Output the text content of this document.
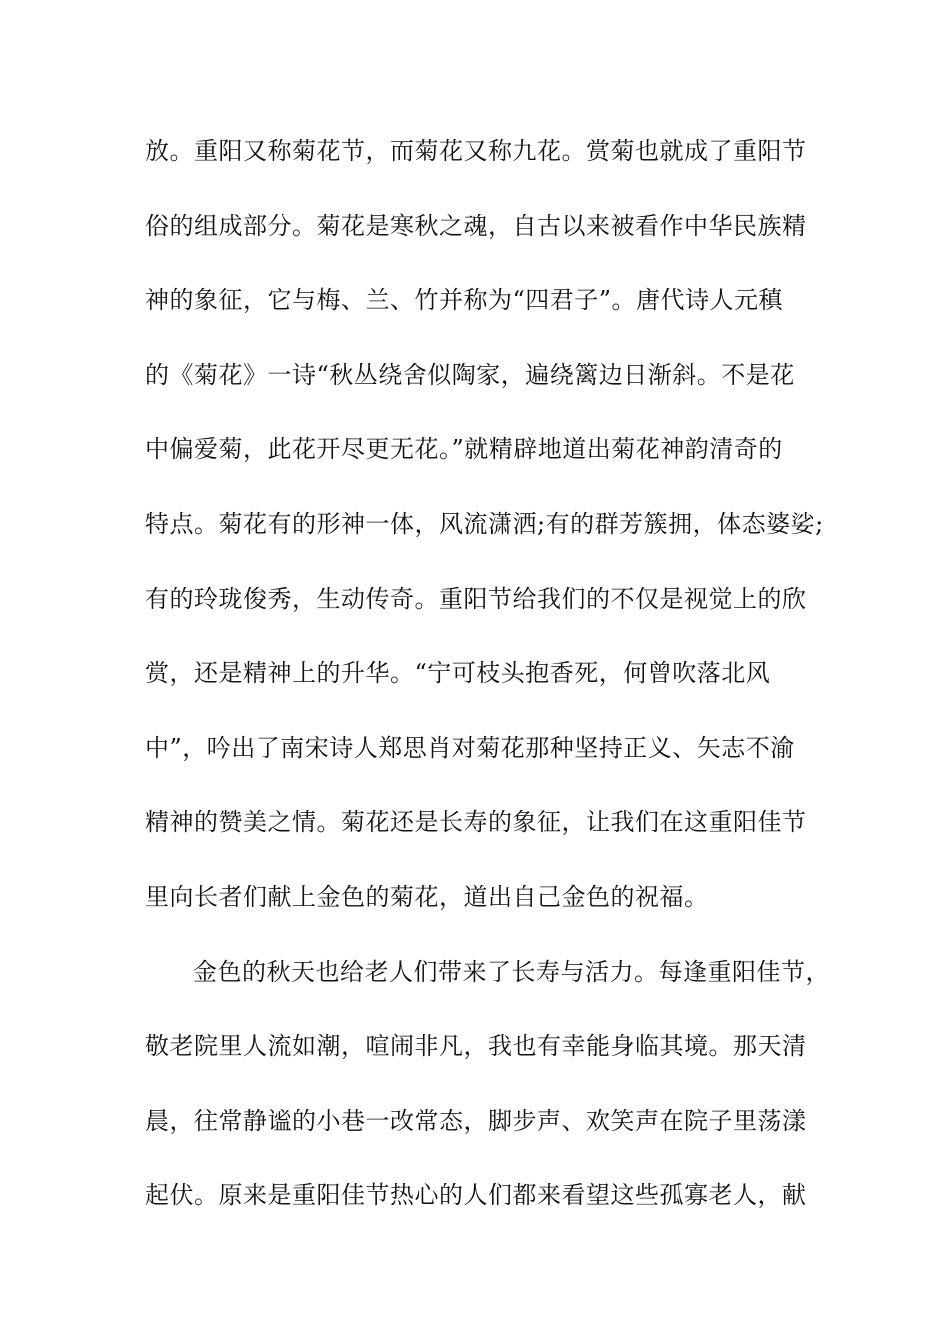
放。重阳又称菊花节，而菊花又称九花。赏菊也就成了重阳节
俗的组成部分。菊花是寒秋之魂，自古以来被看作中华民族精
神的象征，它与梅、兰、竹并称为“四君子”。唐代诗人元稹
的《菊花》一诗“秋丛绕舍似陶家，遍绕篱边日渐斜。不是花
中偏爱菊，此花开尽更无花。”就精辟地道出菊花神韵清奇的
特点。菊花有的形神一体，风流潇洒;有的群芳簇拥，体态婆娑;
有的玲珑俊秀，生动传奇。重阳节给我们的不仅是视觉上的欣
赏，还是精神上的升华。“宁可枝头抱香死，何曾吹落北风
中”，吟出了南宋诗人郑思肖对菊花那种坚持正义、矢志不渝
精神的赞美之情。菊花还是长寿的象征，让我们在这重阳佳节
里向长者们献上金色的菊花，道出自己金色的祝福。
金色的秋天也给老人们带来了长寿与活力。每逢重阳佳节，
敬老院里人流如潮，喧闹非凡，我也有幸能身临其境。那天清
晨，往常静谧的小巷一改常态，脚步声、欢笑声在院子里荡漾
起伏。原来是重阳佳节热心的人们都来看望这些孤寡老人，献
